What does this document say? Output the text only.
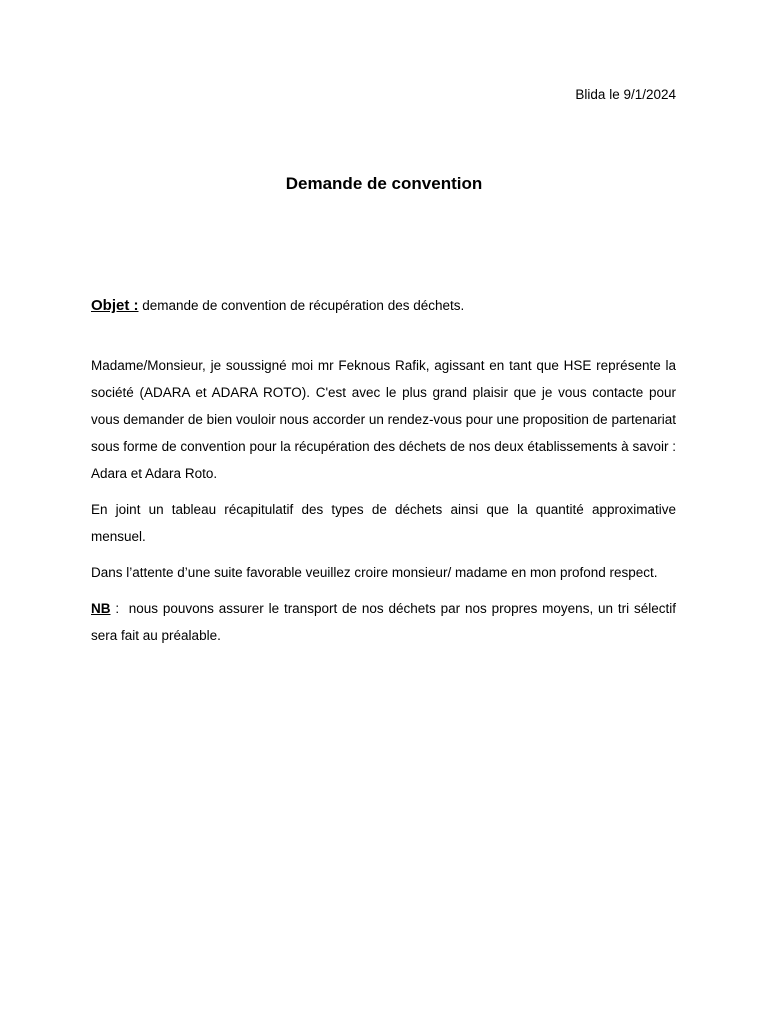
Blida le 9/1/2024
Demande de convention
Objet : demande de convention de récupération des déchets.

Madame/Monsieur, je soussigné moi mr Feknous Rafik, agissant en tant que HSE représente la société (ADARA et ADARA ROTO). C'est avec le plus grand plaisir que je vous contacte pour vous demander de bien vouloir nous accorder un rendez-vous pour une proposition de partenariat sous forme de convention pour la récupération des déchets de nos deux établissements à savoir : Adara et Adara Roto.

En joint un tableau récapitulatif des types de déchets ainsi que la quantité approximative mensuel.

Dans l’attente d’une suite favorable veuillez croire monsieur/ madame en mon profond respect.

NB : nous pouvons assurer le transport de nos déchets par nos propres moyens, un tri sélectif sera fait au préalable.
